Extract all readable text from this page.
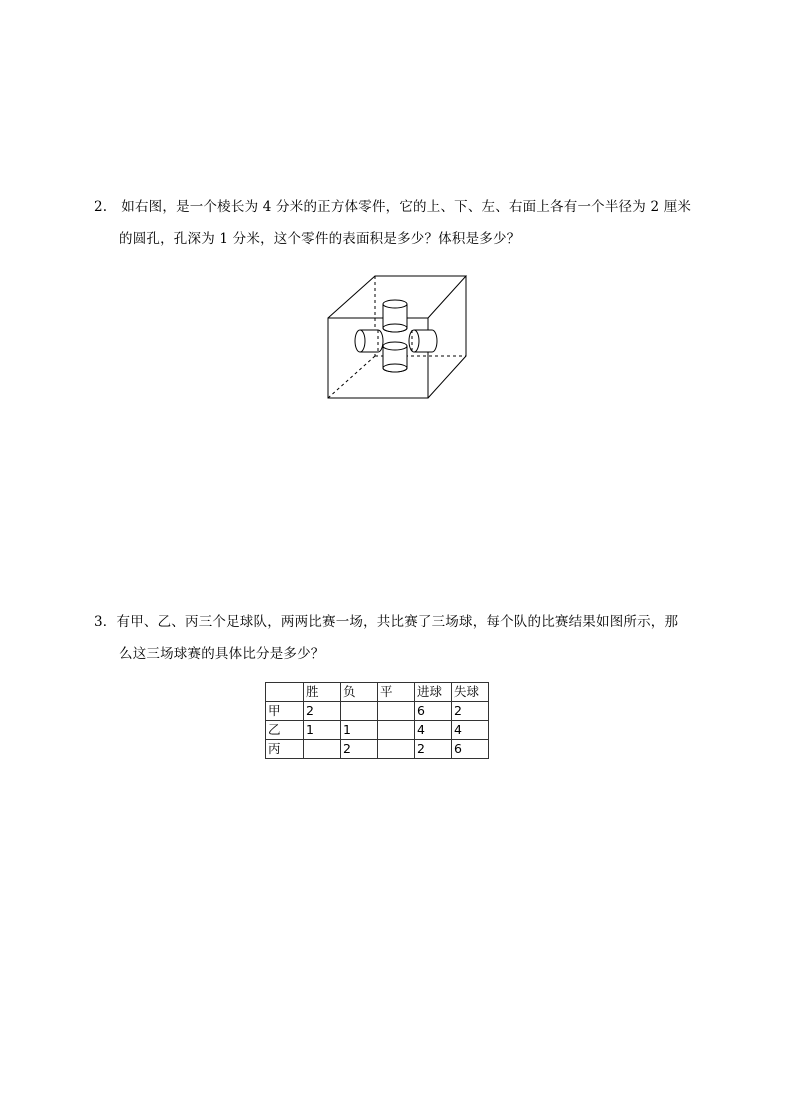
2. 如右图，是一个棱长为 4 分米的正方体零件，它的上、下、左、右面上各有一个半径为 2 厘米
的圆孔，孔深为 1 分米，这个零件的表面积是多少？体积是多少？
3．有甲、乙、丙三个足球队，两两比赛一场，共比赛了三场球，每个队的比赛结果如图所示，那
么这三场球赛的具体比分是多少？
	胜	负	平	进球	失球
甲	2			6	2
乙	1	1		4	4
丙		2		2	6
